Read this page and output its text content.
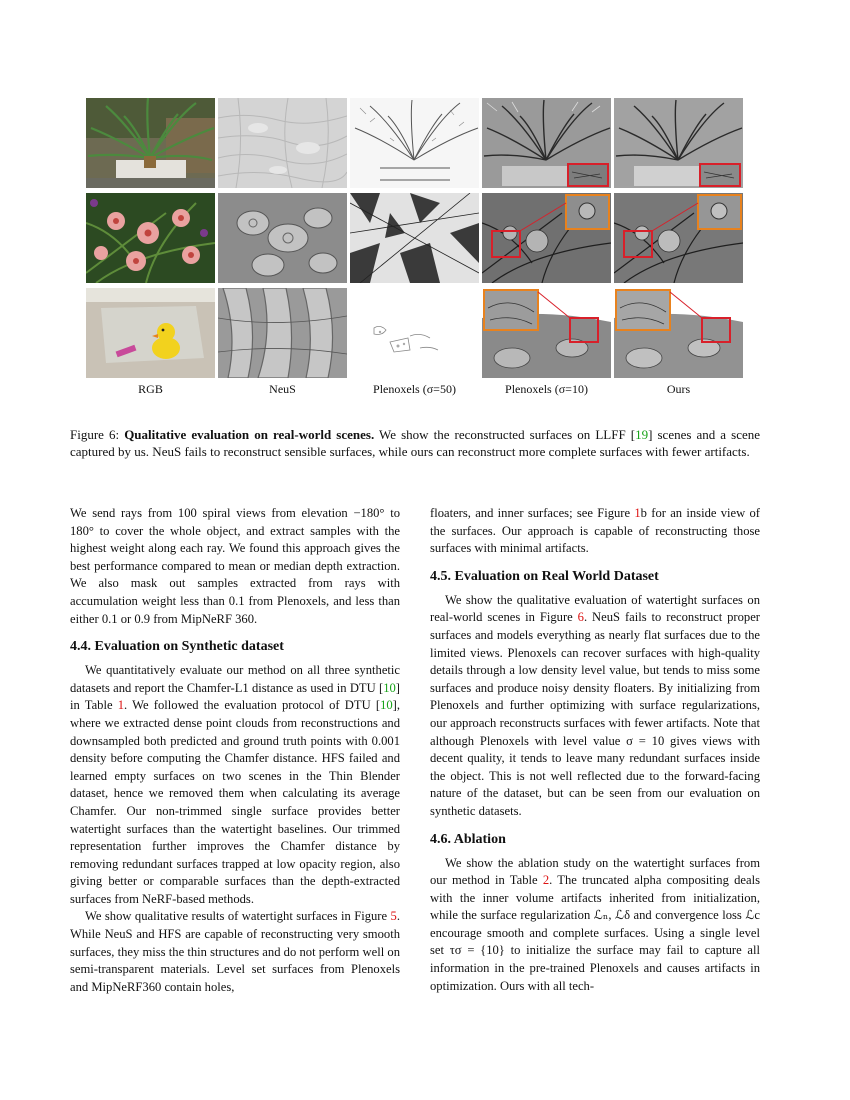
RGB	NeuS	Plenoxels (σ=50)	Plenoxels (σ=10)	Ours
Figure 6: Qualitative evaluation on real-world scenes. We show the reconstructed surfaces on LLFF [19] scenes and a scene captured by us. NeuS fails to reconstruct sensible surfaces, while ours can reconstruct more complete surfaces with fewer artifacts.

We send rays from 100 spiral views from elevation −180° to 180° to cover the whole object, and extract samples with the highest weight along each ray. We found this approach gives the best performance compared to mean or median depth extraction. We also mask out samples extracted from rays with accumulation weight less than 0.1 from Plenoxels, and less than either 0.1 or 0.9 from MipNeRF 360.

4.4. Evaluation on Synthetic dataset

We quantitatively evaluate our method on all three synthetic datasets and report the Chamfer-L1 distance as used in DTU [10] in Table 1. We followed the evaluation protocol of DTU [10], where we extracted dense point clouds from reconstructions and downsampled both predicted and ground truth points with 0.001 density before computing the Chamfer distance. HFS failed and learned empty surfaces on two scenes in the Thin Blender dataset, hence we removed them when calculating its average Chamfer. Our non-trimmed single surface provides better watertight surfaces than the watertight baselines. Our trimmed representation further improves the Chamfer distance by removing redundant surfaces trapped at low opacity region, also giving better or comparable surfaces than the depth-extracted surfaces from NeRF-based methods.

We show qualitative results of watertight surfaces in Figure 5. While NeuS and HFS are capable of reconstructing very smooth surfaces, they miss the thin structures and do not perform well on semi-transparent materials. Level set surfaces from Plenoxels and MipNeRF360 contain holes,

floaters, and inner surfaces; see Figure 1b for an inside view of the surfaces. Our approach is capable of reconstructing those surfaces with minimal artifacts.

4.5. Evaluation on Real World Dataset

We show the qualitative evaluation of watertight surfaces on real-world scenes in Figure 6. NeuS fails to reconstruct proper surfaces and models everything as nearly flat surfaces due to the limited views. Plenoxels can recover surfaces with high-quality details through a low density level value, but tends to miss some surfaces and produce noisy density floaters. By initializing from Plenoxels and further optimizing with surface regularizations, our approach reconstructs surfaces with fewer artifacts. Note that although Plenoxels with level value σ = 10 gives views with decent quality, it tends to leave many redundant surfaces inside the object. This is not well reflected due to the forward-facing nature of the dataset, but can be seen from our evaluation on synthetic datasets.

4.6. Ablation

We show the ablation study on the watertight surfaces from our method in Table 2. The truncated alpha compositing deals with the inner volume artifacts inherited from initialization, while the surface regularization ℒₙ, ℒδ and convergence loss ℒc encourage smooth and complete surfaces. Using a single level set τσ = {10} to initialize the surface may fail to capture all information in the pre-trained Plenoxels and causes artifacts in optimization. Ours with all tech-
